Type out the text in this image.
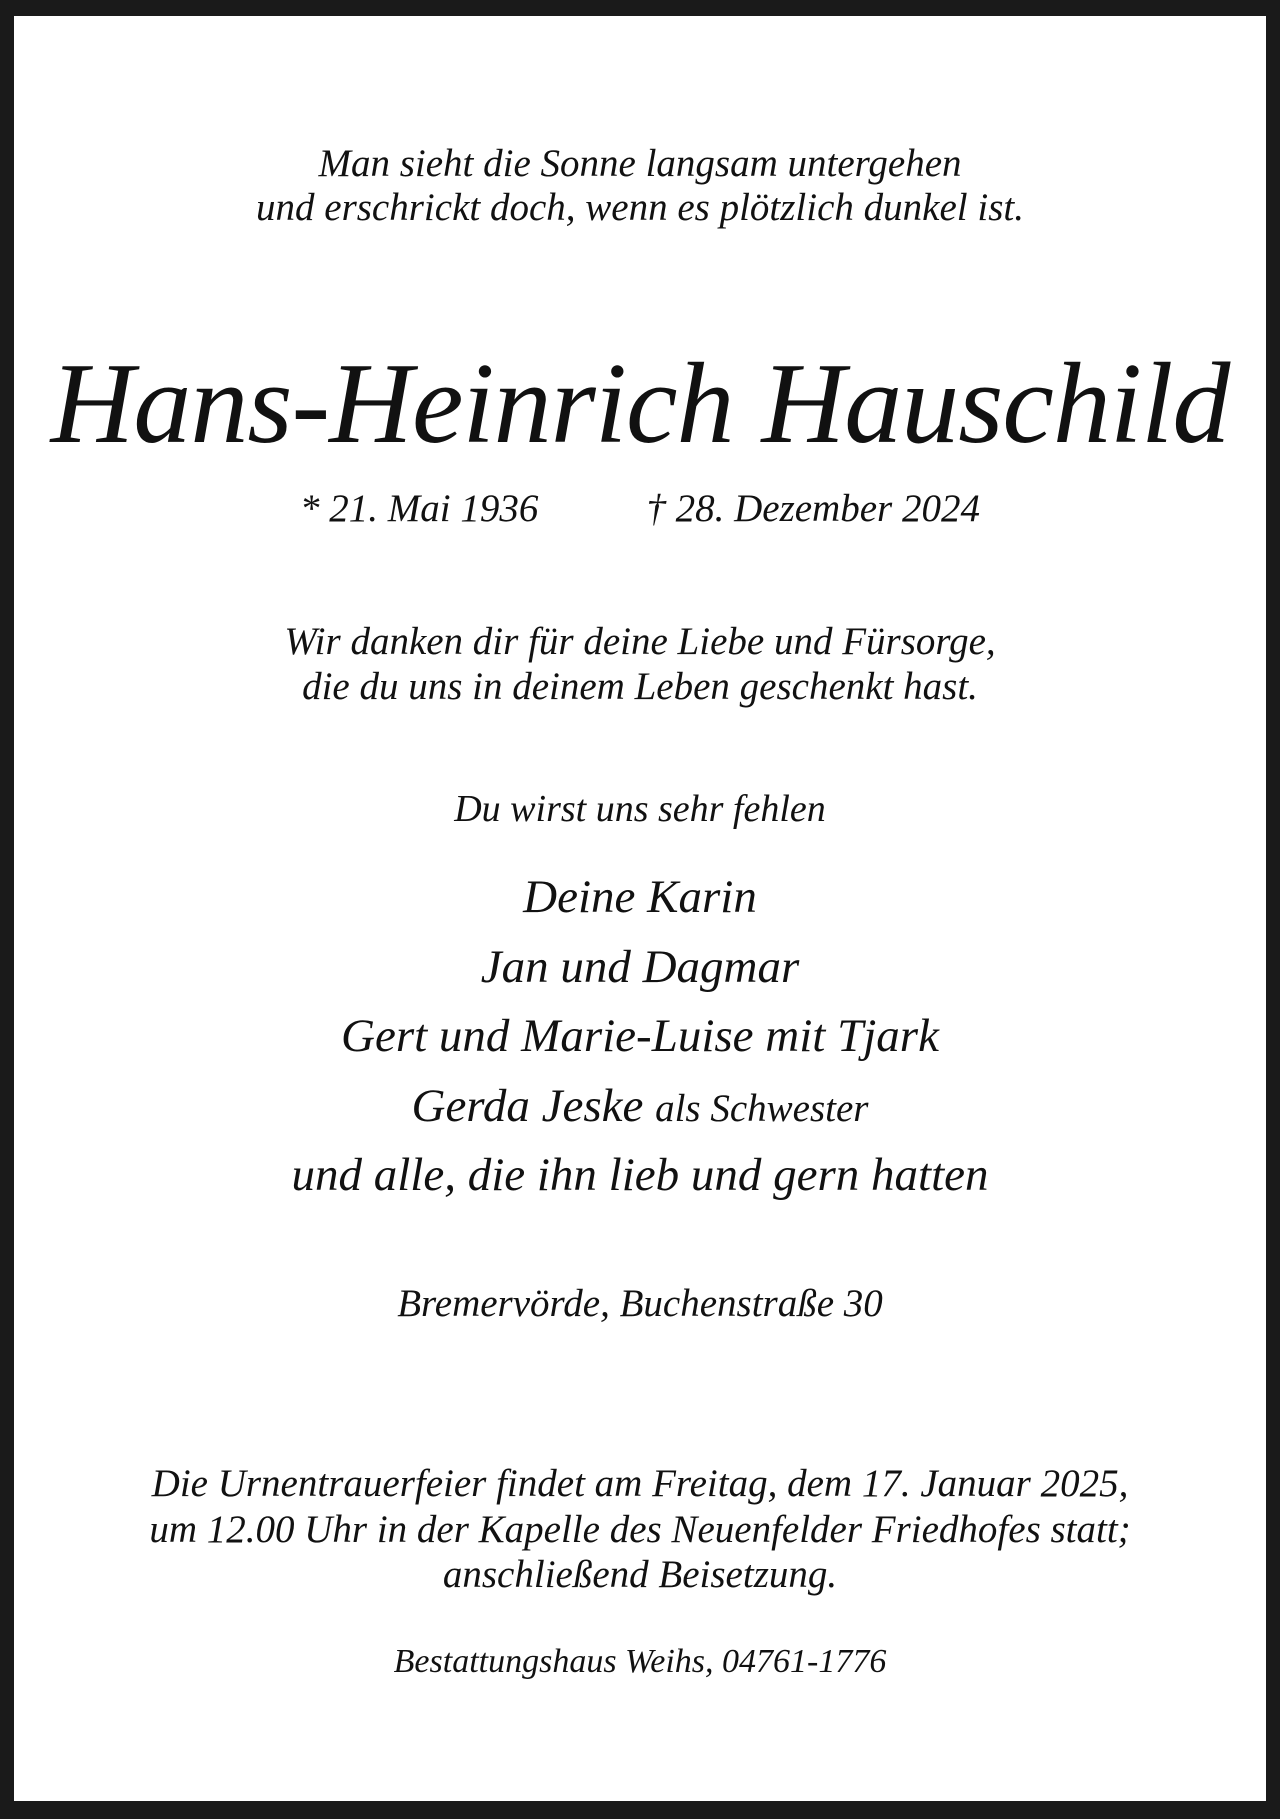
Man sieht die Sonne langsam untergehen
und erschrickt doch, wenn es plötzlich dunkel ist.
Hans-Heinrich Hauschild
* 21. Mai 1936	† 28. Dezember 2024
Wir danken dir für deine Liebe und Fürsorge,
die du uns in deinem Leben geschenkt hast.
Du wirst uns sehr fehlen
Deine Karin
Jan und Dagmar
Gert und Marie-Luise mit Tjark
Gerda Jeske als Schwester
und alle, die ihn lieb und gern hatten
Bremervörde, Buchenstraße 30
Die Urnentrauerfeier findet am Freitag, dem 17. Januar 2025,
um 12.00 Uhr in der Kapelle des Neuenfelder Friedhofes statt;
anschließend Beisetzung.
Bestattungshaus Weihs, 04761-1776
